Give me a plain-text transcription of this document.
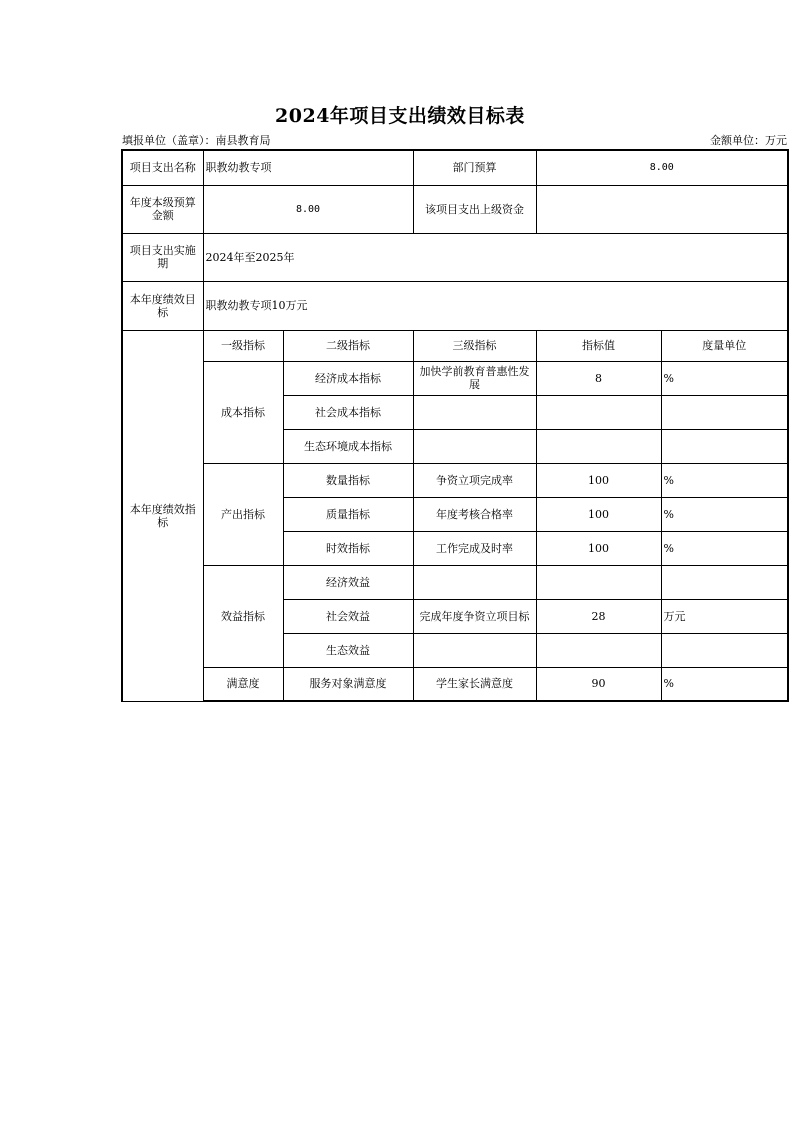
2024年项目支出绩效目标表
填报单位（盖章）：南县教育局	金额单位：万元
项目支出名称	职教幼教专项		部门预算	8.00	
年度本级预算金额	8.00		该项目支出上级资金		
项目支出实施期	2024年至2025年				
本年度绩效目标	职教幼教专项10万元				
本年度绩效指标	一级指标	二级指标	三级指标	指标值	度量单位
	成本指标	经济成本指标	加快学前教育普惠性发展	8	%
		社会成本指标			
		生态环境成本指标			
	产出指标	数量指标	争资立项完成率	100	%
		质量指标	年度考核合格率	100	%
		时效指标	工作完成及时率	100	%
	效益指标	经济效益			
		社会效益	完成年度争资立项目标	28	万元
		生态效益			
	满意度	服务对象满意度	学生家长满意度	90	%
